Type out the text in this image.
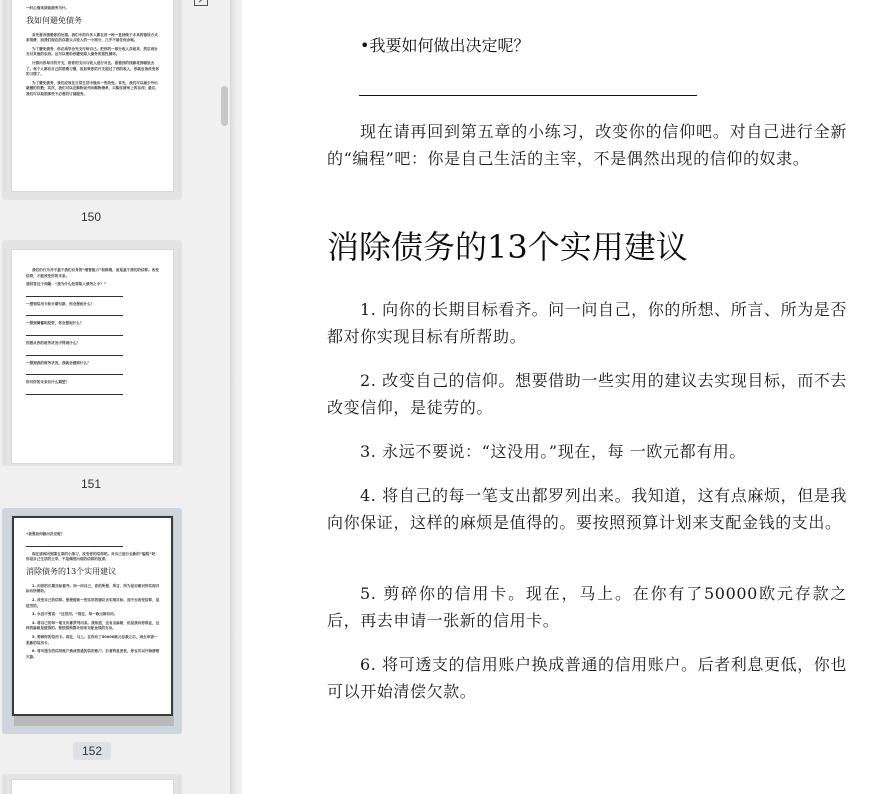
一时心情来获取债务为什。

我如何避免债务

首先要弄清楚你的处境。我们中的许多人都在用一种一直持续于未来的错误方式来消费，而我们现在的存款只占收入的一小部分，几乎不留任何余地。

为了避免债务，你必须学会先支付给自己。把你的一部分收入存起来，然后再去支付其他的东西。这可以帮助你避免陷入债务的恶性循环。

计算出你每月的开支，将你的支出与收入进行对比。看看你的钱都花到哪里去了。每个人都有自己的消费习惯，但如果你的开支超过了你的收入，你就应该改变你的习惯了。

为了避免债务，我们应该在日常生活中做出一些改变。首先，我们可以减少外出就餐的次数；其次，我们可以在购物前列出购物清单，只购买清单上的东西；最后，我们可以取消那些不必要的订阅服务。

150

我们仍行为并不基于我们自身的“理智能力”和推理，而是基于我们的信仰。改变信仰，才能改变你的未来。

请回答这个问题：“我为什么经常陷入债务之中？”

一想到信用卡和分期付款，你会想起什么？

一想到储蓄和投资，你会想起什么？

你想从你的财务状况中得到什么？

一想到我的财务状况，我就会感到什么？

你对你的未来有什么期望？

151

•我要如何做出决定呢？

现在请再回到第五章的小练习，改变你的信仰吧。对自己进行全新的“编程”吧：你是自己生活的主宰，不是偶然出现的信仰的奴隶。

消除债务的13个实用建议

1. 向你的长期目标看齐。问一问自己，你的所想、所言、所为是否都对你实现目标有所帮助。

2. 改变自己的信仰。想要借助一些实用的建议去实现目标，而不去改变信仰，是徒劳的。

3. 永远不要说：“这没用。”现在，每一欧元都有用。

4. 将自己的每一笔支出都罗列出来。我知道，这有点麻烦，但是我向你保证，这样的麻烦是值得的。要按照预算计划来支配金钱的支出。

5. 剪碎你的信用卡。现在，马上。在你有了50000欧元存款之后，再去申请一张新的信用卡。

6. 将可透支的信用账户换成普通的信用账户。后者利息更低，你也可以开始清偿欠款。

152
•我要如何做出决定呢？

现在请再回到第五章的小练习，改变你的信仰吧。对自己进行全新的“编程”吧：你是自己生活的主宰，不是偶然出现的信仰的奴隶。

消除债务的13个实用建议

1. 向你的长期目标看齐。问一问自己，你的所想、所言、所为是否都对你实现目标有所帮助。

2. 改变自己的信仰。想要借助一些实用的建议去实现目标，而不去改变信仰，是徒劳的。

3. 永远不要说：“这没用。”现在，每 一欧元都有用。

4. 将自己的每一笔支出都罗列出来。我知道，这有点麻烦，但是我向你保证，这样的麻烦是值得的。要按照预算计划来支配金钱的支出。

5. 剪碎你的信用卡。现在，马上。在你有了50000欧元存款之后，再去申请一张新的信用卡。

6. 将可透支的信用账户换成普通的信用账户。后者利息更低，你也可以开始清偿欠款。
